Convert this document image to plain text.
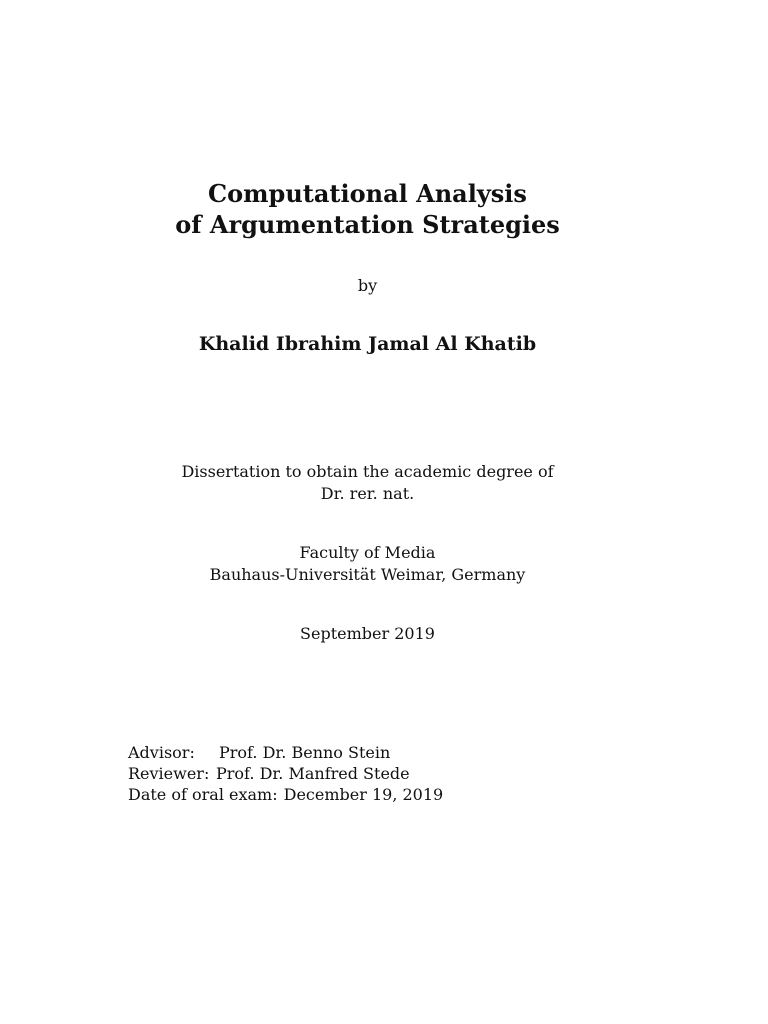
Computational Analysis
of Argumentation Strategies
by
Khalid Ibrahim Jamal Al Khatib
Dissertation to obtain the academic degree of
Dr. rer. nat.
Faculty of Media
Bauhaus-Universität Weimar, Germany
September 2019
Advisor:	Prof. Dr. Benno Stein
Reviewer: Prof. Dr. Manfred Stede
Date of oral exam: December 19, 2019
